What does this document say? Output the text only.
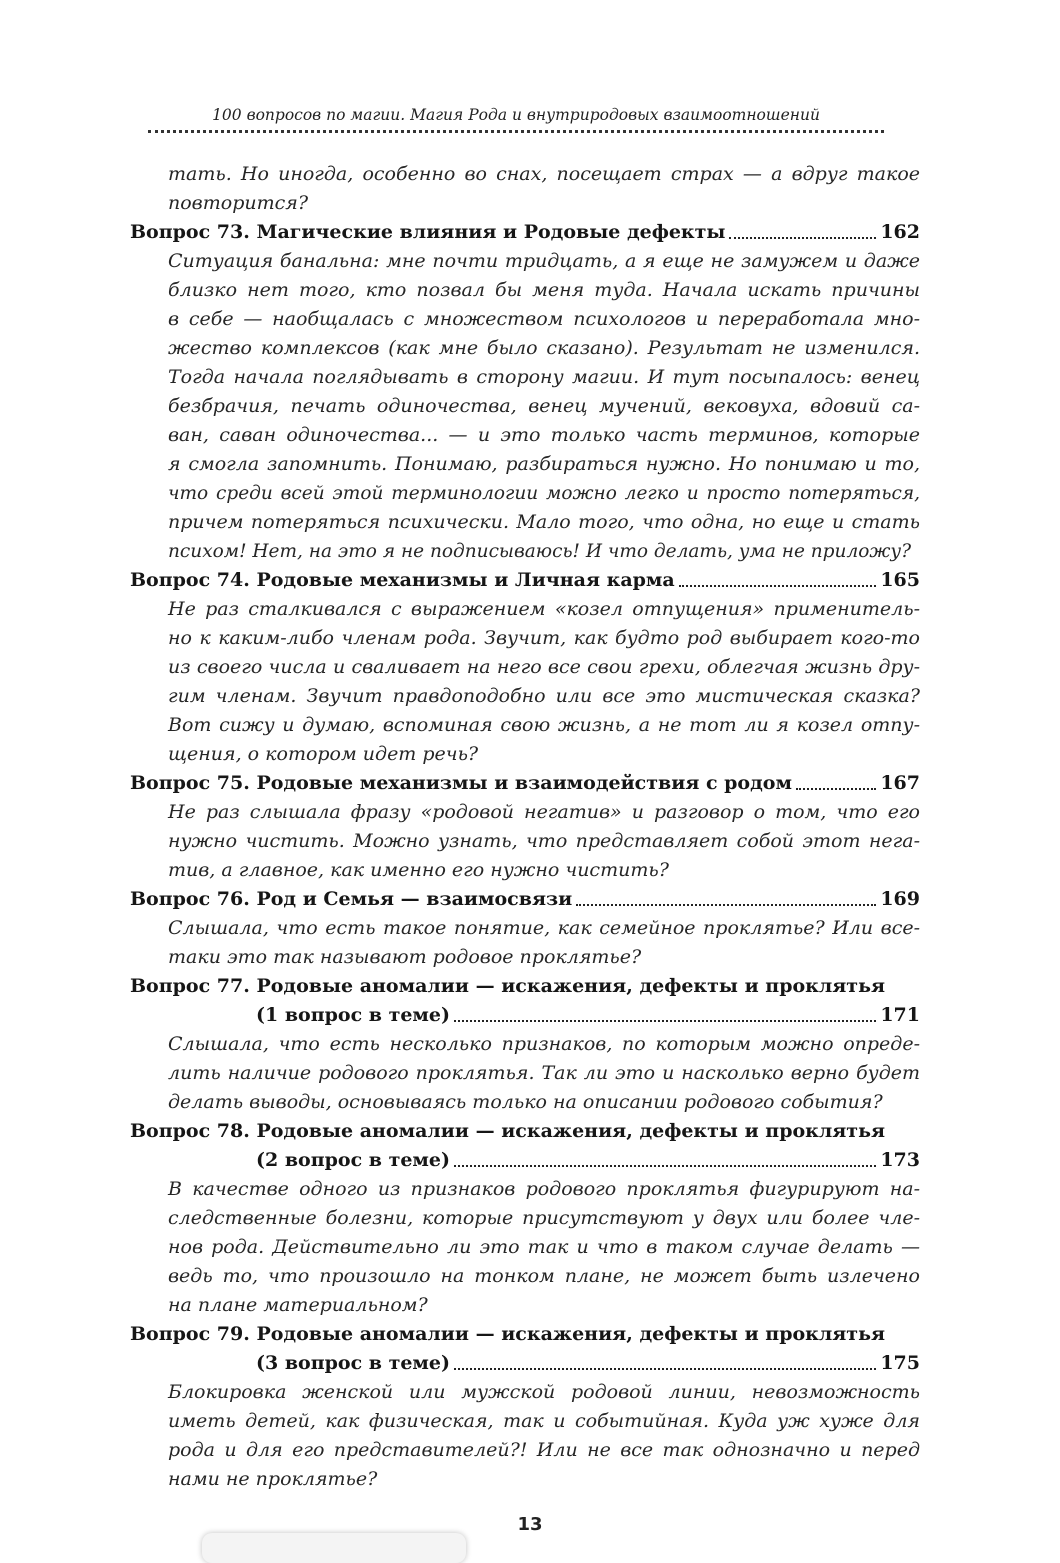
100 вопросов по магии. Магия Рода и внутриродовых взаимоотношений
тать. Но иногда, особенно во снах, посещает страх — а вдруг такое
повторится?
Вопрос 73. Магические влияния и Родовые дефекты	162
Ситуация банальна: мне почти тридцать, а я еще не замужем и даже
близко нет того, кто позвал бы меня туда. Начала искать причины
в себе — наобщалась с множеством психологов и переработала мно-
жество комплексов (как мне было сказано). Результат не изменился.
Тогда начала поглядывать в сторону магии. И тут посыпалось: венец
безбрачия, печать одиночества, венец мучений, вековуха, вдовий са-
ван, саван одиночества... — и это только часть терминов, которые
я смогла запомнить. Понимаю, разбираться нужно. Но понимаю и то,
что среди всей этой терминологии можно легко и просто потеряться,
причем потеряться психически. Мало того, что одна, но еще и стать
психом! Нет, на это я не подписываюсь! И что делать, ума не приложу?
Вопрос 74. Родовые механизмы и Личная карма	165
Не раз сталкивался с выражением «козел отпущения» применитель-
но к каким-либо членам рода. Звучит, как будто род выбирает кого-то
из своего числа и сваливает на него все свои грехи, облегчая жизнь дру-
гим членам. Звучит правдоподобно или все это мистическая сказка?
Вот сижу и думаю, вспоминая свою жизнь, а не тот ли я козел отпу-
щения, о котором идет речь?
Вопрос 75. Родовые механизмы и взаимодействия с родом	167
Не раз слышала фразу «родовой негатив» и разговор о том, что его
нужно чистить. Можно узнать, что представляет собой этот нега-
тив, а главное, как именно его нужно чистить?
Вопрос 76. Род и Семья — взаимосвязи	169
Слышала, что есть такое понятие, как семейное проклятье? Или все-
таки это так называют родовое проклятье?
Вопрос 77. Родовые аномалии — искажения, дефекты и проклятья
(1 вопрос в теме)	171
Слышала, что есть несколько признаков, по которым можно опреде-
лить наличие родового проклятья. Так ли это и насколько верно будет
делать выводы, основываясь только на описании родового события?
Вопрос 78. Родовые аномалии — искажения, дефекты и проклятья
(2 вопрос в теме)	173
В качестве одного из признаков родового проклятья фигурируют на-
следственные болезни, которые присутствуют у двух или более чле-
нов рода. Действительно ли это так и что в таком случае делать —
ведь то, что произошло на тонком плане, не может быть излечено
на плане материальном?
Вопрос 79. Родовые аномалии — искажения, дефекты и проклятья
(3 вопрос в теме)	175
Блокировка женской или мужской родовой линии, невозможность
иметь детей, как физическая, так и событийная. Куда уж хуже для
рода и для его представителей?! Или не все так однозначно и перед
нами не проклятье?
13
